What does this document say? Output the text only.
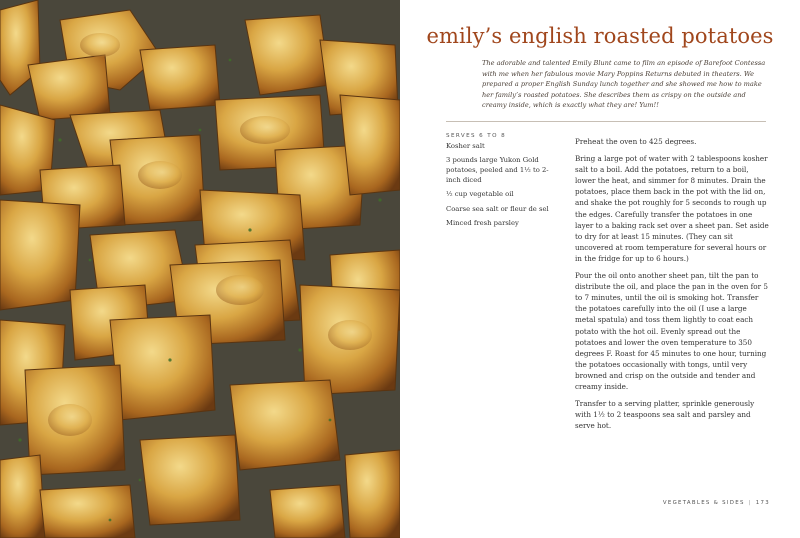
emily’s english roasted potatoes

The adorable and talented Emily Blunt came to film an episode of Barefoot Contessa with me when her fabulous movie Mary Poppins Returns debuted in theaters. We prepared a proper English Sunday lunch together and she showed me how to make her family’s roasted potatoes. She describes them as crispy on the outside and creamy inside, which is exactly what they are! Yum!!

SERVES 6 TO 8

Kosher salt
3 pounds large Yukon Gold potatoes, peeled and 1½ to 2-inch diced
½ cup vegetable oil
Coarse sea salt or fleur de sel
Minced fresh parsley

Preheat the oven to 425 degrees.

Bring a large pot of water with 2 tablespoons kosher salt to a boil. Add the potatoes, return to a boil, lower the heat, and simmer for 8 minutes. Drain the potatoes, place them back in the pot with the lid on, and shake the pot roughly for 5 seconds to rough up the edges. Carefully transfer the potatoes in one layer to a baking rack set over a sheet pan. Set aside to dry for at least 15 minutes. (They can sit uncovered at room temperature for several hours or in the fridge for up to 6 hours.)

Pour the oil onto another sheet pan, tilt the pan to distribute the oil, and place the pan in the oven for 5 to 7 minutes, until the oil is smoking hot. Transfer the potatoes carefully into the oil (I use a large metal spatula) and toss them lightly to coat each potato with the hot oil. Evenly spread out the potatoes and lower the oven temperature to 350 degrees F. Roast for 45 minutes to one hour, turning the potatoes occasionally with tongs, until very browned and crisp on the outside and tender and creamy inside.

Transfer to a serving platter, sprinkle generously with 1½ to 2 teaspoons sea salt and parsley and serve hot.

VEGETABLES & SIDES | 173
